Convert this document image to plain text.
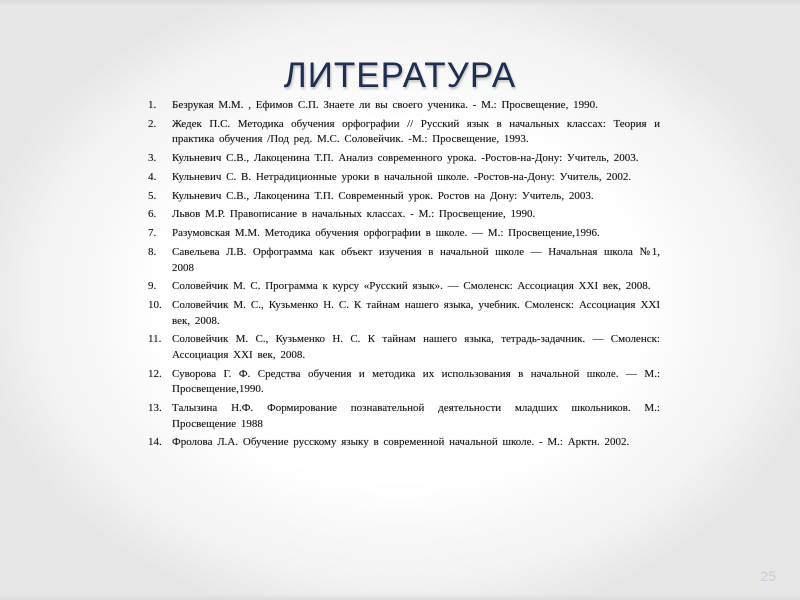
ЛИТЕРАТУРА
1.	Безрукая М.М. , Ефимов С.П. Знаете ли вы своего ученика. - М.: Просвещение, 1990.
2.	Жедек П.С. Методика обучения орфографии // Русский язык в начальных классах: Теория и практика обучения /Под ред. М.С. Соловейчик. -М.: Просвещение, 1993.
3.	Кульневич С.В., Лакоценина Т.П. Анализ современного урока. -Ростов-на-Дону: Учитель, 2003.
4.	Кульневич С. В. Нетрадиционные уроки в начальной школе. -Ростов-на-Дону: Учитель, 2002.
5.	Кульневич С.В., Лакоценина Т.П. Современный урок. Ростов на Дону: Учитель, 2003.
6.	Львов М.Р. Правописание в начальных классах. - М.: Просвещение, 1990.
7.	Разумовская М.М. Методика обучения орфографии в школе. — М.: Просвещение,1996.
8.	Савельева Л.В. Орфограмма как объект изучения в начальной школе — Начальная школа №1, 2008
9.	Соловейчик М. С. Программа к курсу «Русский язык». — Смоленск: Ассоциация XXI век, 2008.
10. Соловейчик М. С., Кузьменко Н. С. К тайнам нашего языка, учебник. Смоленск: Ассоциация XXI век, 2008.
11. Соловейчик М. С., Кузьменко Н. С. К тайнам нашего языка, тетрадь-задачник. — Смоленск: Ассоциация XXI век, 2008.
12. Суворова Г. Ф. Средства обучения и методика их использования в начальной школе. — М.: Просвещение,1990.
13. Талызина Н.Ф. Формирование познавательной деятельности младших школьников. М.: Просвещение 1988
14. Фролова Л.А. Обучение русскому языку в современной начальной школе. - М.: Арктн. 2002.
25
